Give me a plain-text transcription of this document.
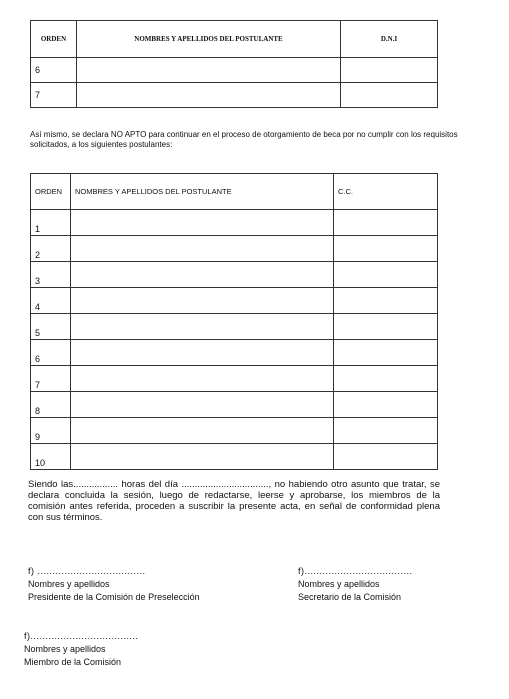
ORDEN	NOMBRES Y APELLIDOS DEL POSTULANTE	D.N.I
6		
7		
Así mismo, se declara NO APTO para continuar en el proceso de otorgamiento de beca por no cumplir con los requisitos solicitados, a los siguientes postulantes:
ORDEN	NOMBRES Y APELLIDOS DEL POSTULANTE	C.C.
1		
2		
3		
4		
5		
6		
7		
8		
9		
10		
Siendo las................. horas del día ................................., no habiendo otro asunto que tratar, se declara concluida la sesión, luego de redactarse, leerse y aprobarse, los miembros de la comisión antes referida, proceden a suscribir la presente acta, en señal de conformidad plena con sus términos.
f) ....................................
Nombres y apellidos
Presidente de la Comisión de Preselección
f)....................................
Nombres y apellidos
Secretario de la Comisión
f)....................................
Nombres y apellidos
Miembro de la Comisión
